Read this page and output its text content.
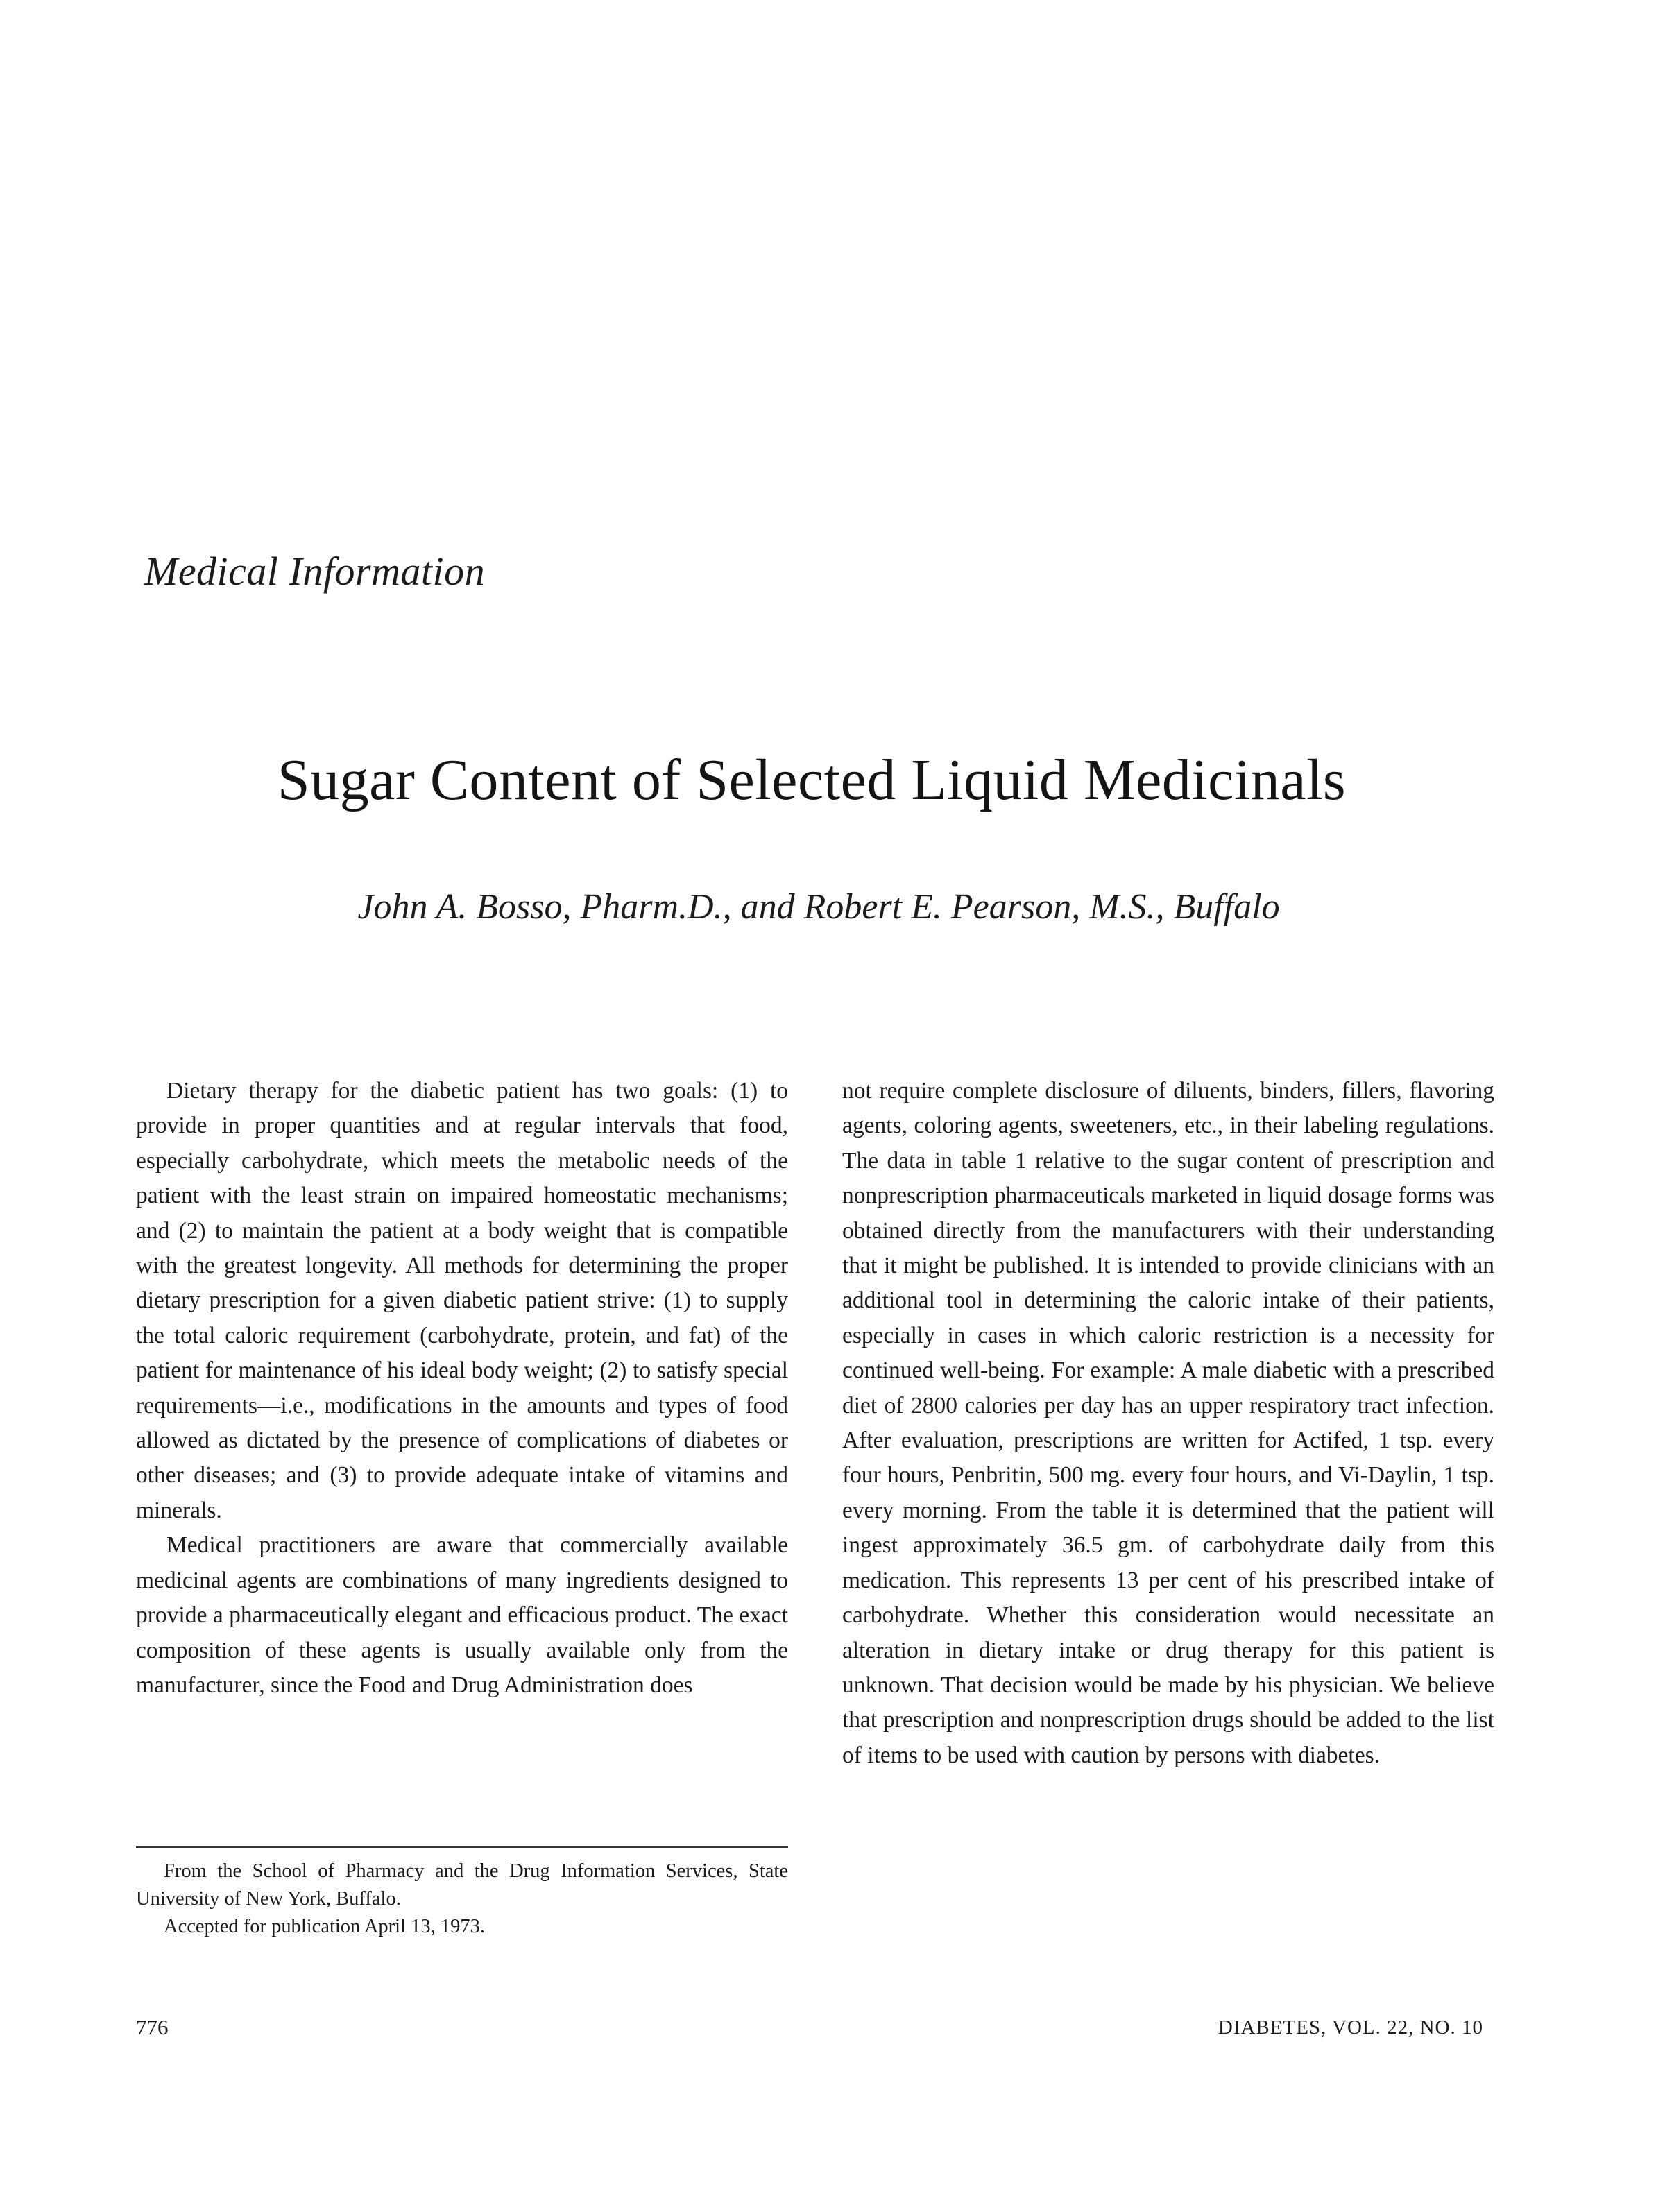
Medical Information
Sugar Content of Selected Liquid Medicinals
John A. Bosso, Pharm.D., and Robert E. Pearson, M.S., Buffalo

Dietary therapy for the diabetic patient has two goals: (1) to provide in proper quantities and at regular intervals that food, especially carbohydrate, which meets the metabolic needs of the patient with the least strain on impaired homeostatic mechanisms; and (2) to maintain the patient at a body weight that is compatible with the greatest longevity. All methods for determining the proper dietary prescription for a given diabetic patient strive: (1) to supply the total caloric requirement (carbohydrate, protein, and fat) of the patient for maintenance of his ideal body weight; (2) to satisfy special requirements—i.e., modifications in the amounts and types of food allowed as dictated by the presence of complications of diabetes or other diseases; and (3) to provide adequate intake of vitamins and minerals.

Medical practitioners are aware that commercially available medicinal agents are combinations of many ingredients designed to provide a pharmaceutically elegant and efficacious product. The exact composition of these agents is usually available only from the manufacturer, since the Food and Drug Administration does

not require complete disclosure of diluents, binders, fillers, flavoring agents, coloring agents, sweeteners, etc., in their labeling regulations. The data in table 1 relative to the sugar content of prescription and nonprescription pharmaceuticals marketed in liquid dosage forms was obtained directly from the manufacturers with their understanding that it might be published. It is intended to provide clinicians with an additional tool in determining the caloric intake of their patients, especially in cases in which caloric restriction is a necessity for continued well-being. For example: A male diabetic with a prescribed diet of 2800 calories per day has an upper respiratory tract infection. After evaluation, prescriptions are written for Actifed, 1 tsp. every four hours, Penbritin, 500 mg. every four hours, and Vi-Daylin, 1 tsp. every morning. From the table it is determined that the patient will ingest approximately 36.5 gm. of carbohydrate daily from this medication. This represents 13 per cent of his prescribed intake of carbohydrate. Whether this consideration would necessitate an alteration in dietary intake or drug therapy for this patient is unknown. That decision would be made by his physician. We believe that prescription and nonprescription drugs should be added to the list of items to be used with caution by persons with diabetes.

From the School of Pharmacy and the Drug Information Services, State University of New York, Buffalo.

Accepted for publication April 13, 1973.

776	DIABETES, VOL. 22, NO. 10
